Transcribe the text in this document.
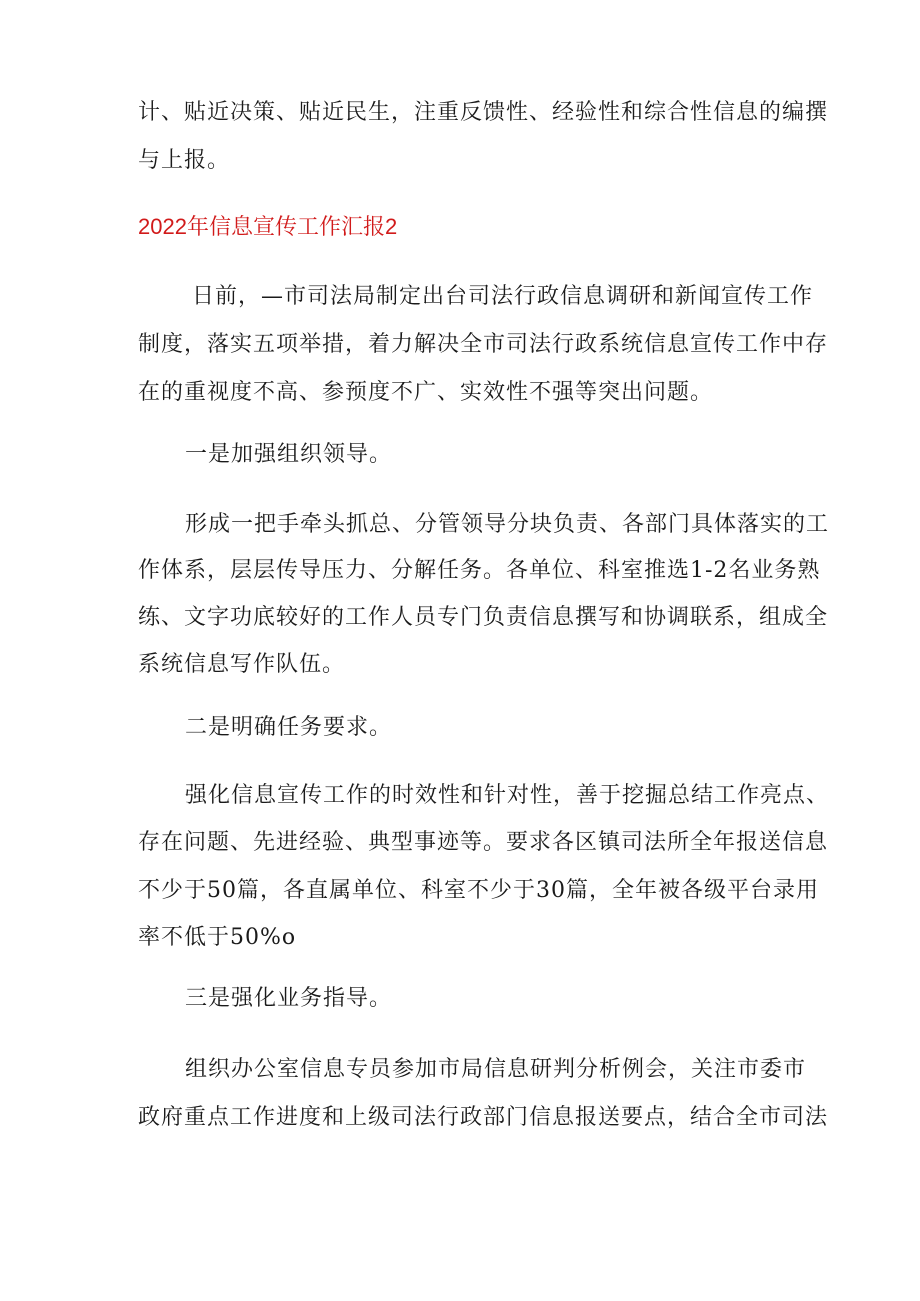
计、贴近决策、贴近民生，注重反馈性、经验性和综合性信息的编撰
与上报。
2022年信息宣传工作汇报2
日前，—市司法局制定出台司法行政信息调研和新闻宣传工作
制度，落实五项举措，着力解决全市司法行政系统信息宣传工作中存
在的重视度不高、参预度不广、实效性不强等突出问题。
一是加强组织领导。
形成一把手牵头抓总、分管领导分块负责、各部门具体落实的工
作体系，层层传导压力、分解任务。各单位、科室推选1-2名业务熟
练、文字功底较好的工作人员专门负责信息撰写和协调联系，组成全
系统信息写作队伍。
二是明确任务要求。
强化信息宣传工作的时效性和针对性，善于挖掘总结工作亮点、
存在问题、先进经验、典型事迹等。要求各区镇司法所全年报送信息
不少于50篇，各直属单位、科室不少于30篇，全年被各级平台录用
率不低于50%o
三是强化业务指导。
组织办公室信息专员参加市局信息研判分析例会，关注市委市
政府重点工作进度和上级司法行政部门信息报送要点，结合全市司法
